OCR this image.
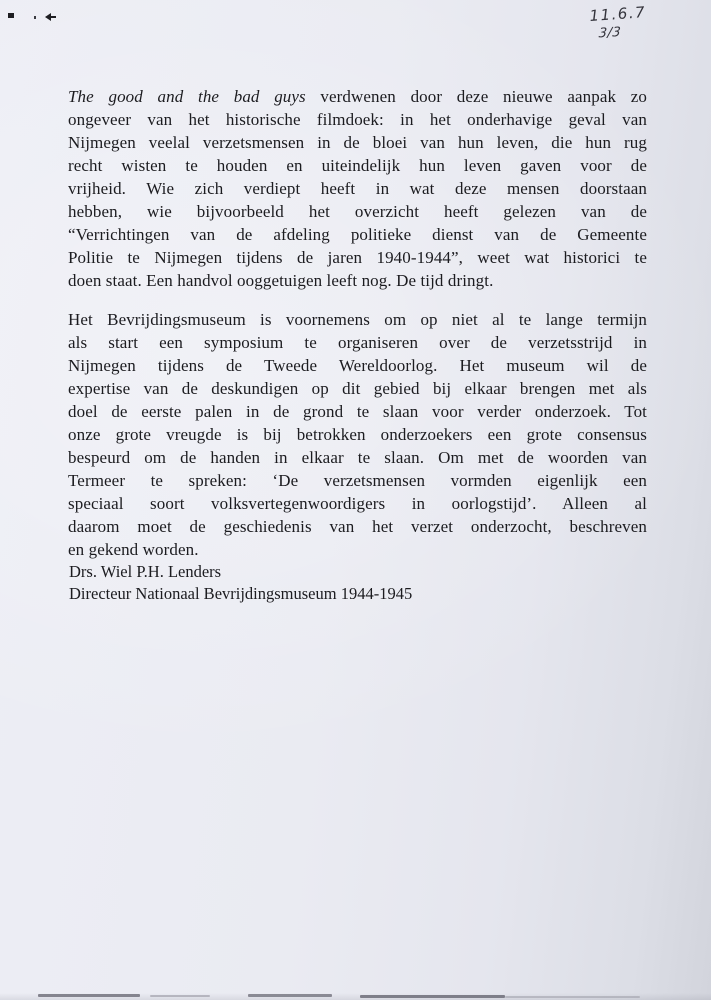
11.6.7
3/3
The good and the bad guys verdwenen door deze nieuwe aanpak zo
ongeveer van het historische filmdoek: in het onderhavige geval van
Nijmegen veelal verzetsmensen in de bloei van hun leven, die hun rug
recht wisten te houden en uiteindelijk hun leven gaven voor de
vrijheid. Wie zich verdiept heeft in wat deze mensen doorstaan
hebben, wie bijvoorbeeld het overzicht heeft gelezen van de
“Verrichtingen van de afdeling politieke dienst van de Gemeente
Politie te Nijmegen tijdens de jaren 1940-1944”, weet wat historici te
doen staat. Een handvol ooggetuigen leeft nog. De tijd dringt.
Het Bevrijdingsmuseum is voornemens om op niet al te lange termijn
als start een symposium te organiseren over de verzetsstrijd in
Nijmegen tijdens de Tweede Wereldoorlog. Het museum wil de
expertise van de deskundigen op dit gebied bij elkaar brengen met als
doel de eerste palen in de grond te slaan voor verder onderzoek. Tot
onze grote vreugde is bij betrokken onderzoekers een grote consensus
bespeurd om de handen in elkaar te slaan. Om met de woorden van
Termeer te spreken: ‘De verzetsmensen vormden eigenlijk een
speciaal soort volksvertegenwoordigers in oorlogstijd’. Alleen al
daarom moet de geschiedenis van het verzet onderzocht, beschreven
en gekend worden.
Drs. Wiel P.H. Lenders
Directeur Nationaal Bevrijdingsmuseum 1944-1945
